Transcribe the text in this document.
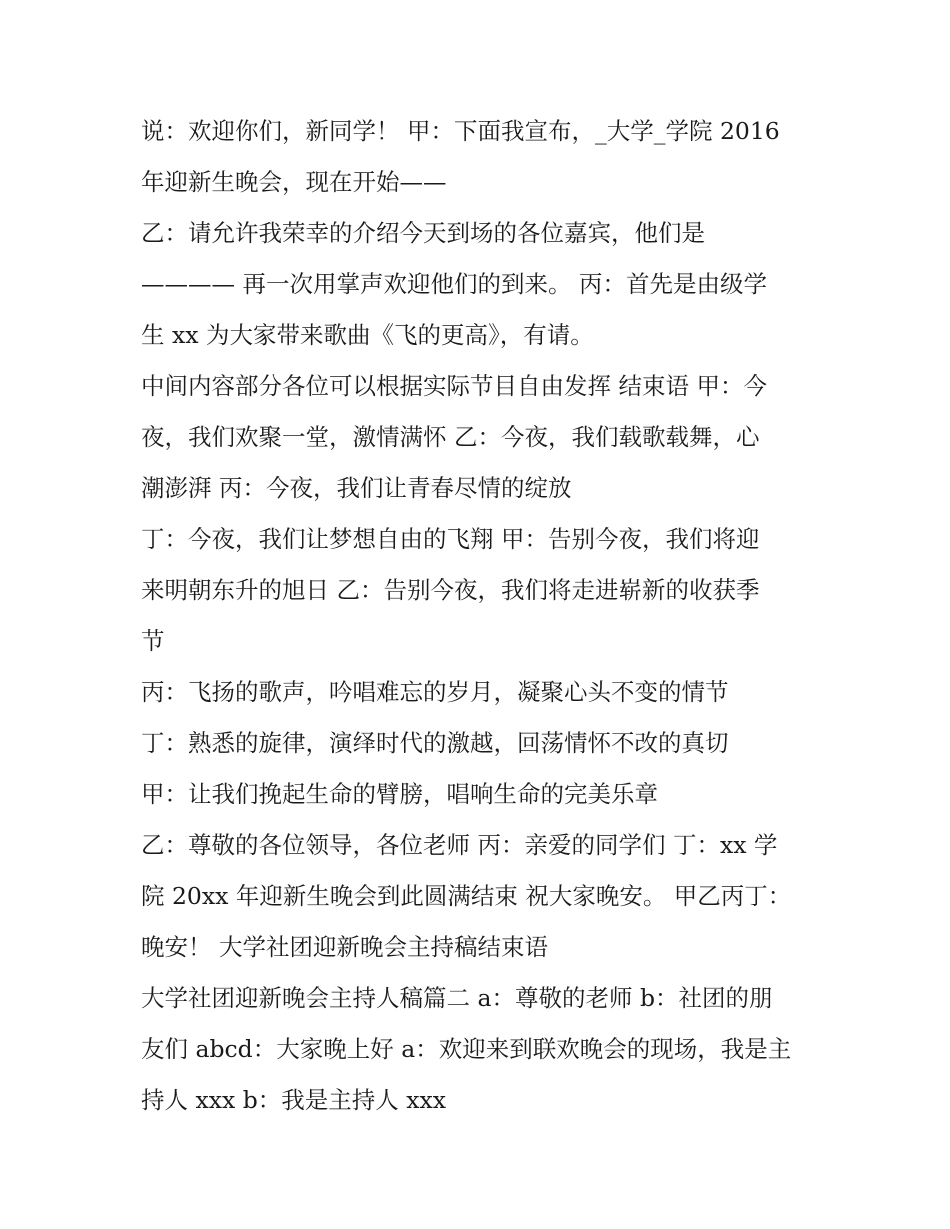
说：欢迎你们，新同学！ 甲：下面我宣布，_大学_学院 2016

年迎新生晚会，现在开始——

乙：请允许我荣幸的介绍今天到场的各位嘉宾，他们是

———— 再一次用掌声欢迎他们的到来。 丙：首先是由级学

生 xx 为大家带来歌曲《飞的更高》，有请。

中间内容部分各位可以根据实际节目自由发挥 结束语 甲：今

夜，我们欢聚一堂，激情满怀 乙：今夜，我们载歌载舞，心

潮澎湃 丙：今夜，我们让青春尽情的绽放

丁：今夜，我们让梦想自由的飞翔 甲：告别今夜，我们将迎

来明朝东升的旭日 乙：告别今夜，我们将走进崭新的收获季

节

丙：飞扬的歌声，吟唱难忘的岁月，凝聚心头不变的情节

丁：熟悉的旋律，演绎时代的激越，回荡情怀不改的真切

甲：让我们挽起生命的臂膀，唱响生命的完美乐章

乙：尊敬的各位领导，各位老师 丙：亲爱的同学们 丁：xx 学

院 20xx 年迎新生晚会到此圆满结束 祝大家晚安。 甲乙丙丁：

晚安！ 大学社团迎新晚会主持稿结束语

大学社团迎新晚会主持人稿篇二 a：尊敬的老师 b：社团的朋

友们 abcd：大家晚上好 a：欢迎来到联欢晚会的现场，我是主

持人 xxx b：我是主持人 xxx
